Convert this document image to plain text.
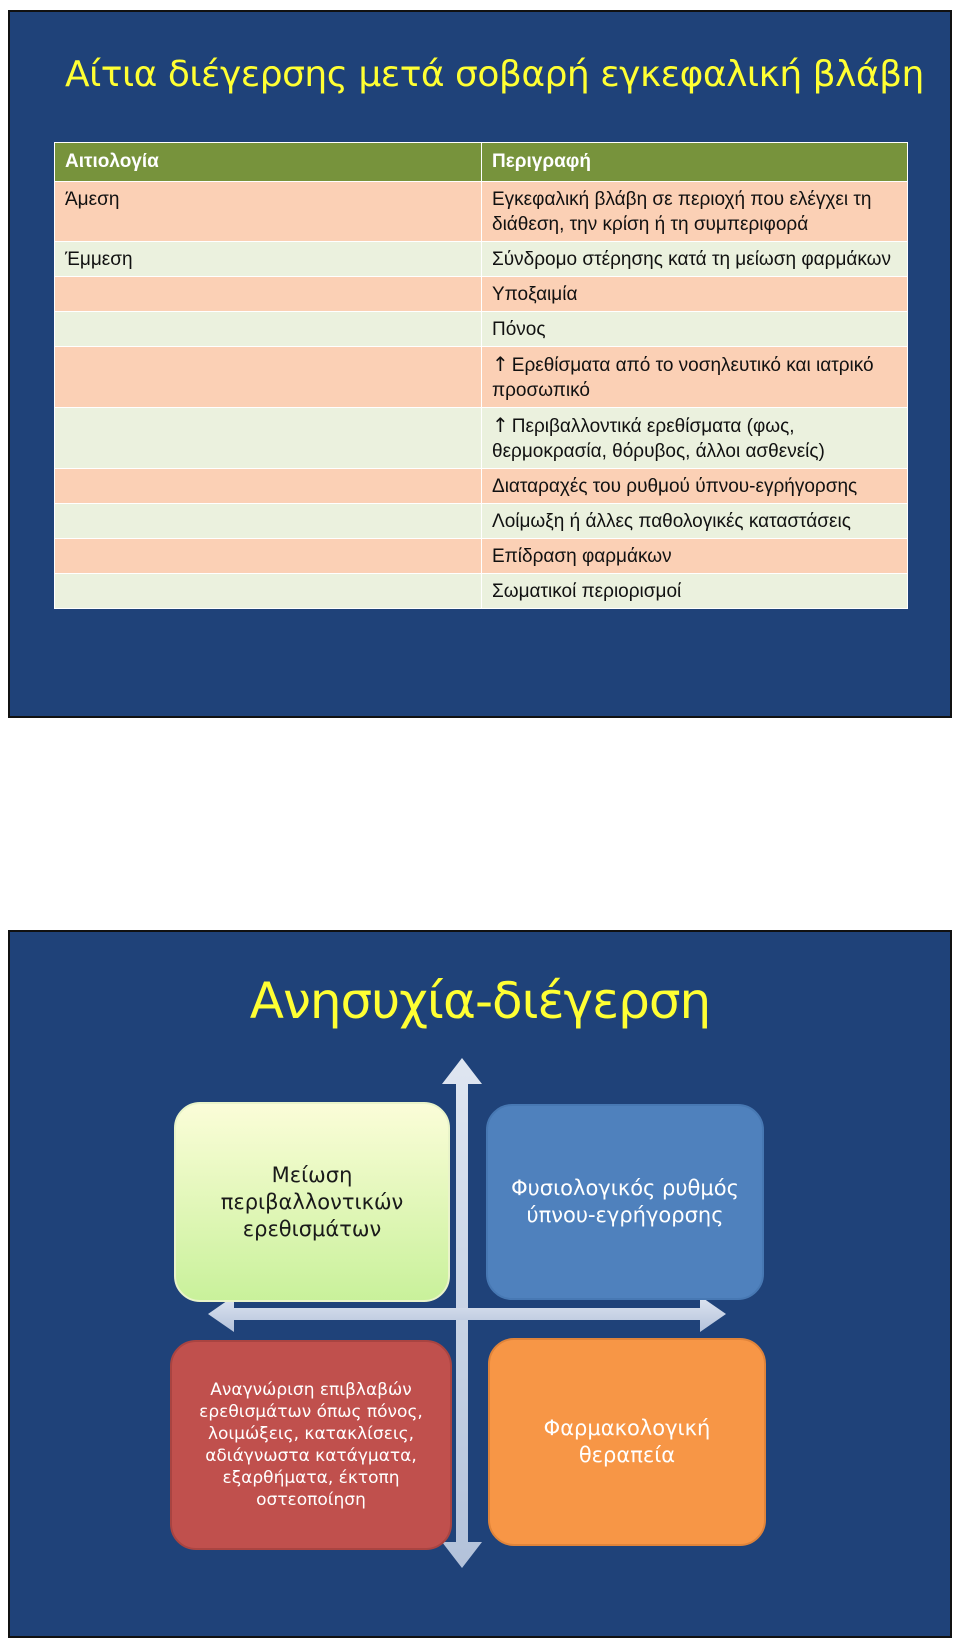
Αίτια διέγερσης μετά σοβαρή εγκεφαλική βλάβη
Αιτιολογία	Περιγραφή
Άμεση	Εγκεφαλική βλάβη σε περιοχή που ελέγχει τη διάθεση, την κρίση ή τη συμπεριφορά
Έμμεση	Σύνδρομο στέρησης κατά τη μείωση φαρμάκων
	Υποξαιμία
	Πόνος
	↑ Ερεθίσματα από το νοσηλευτικό και ιατρικό προσωπικό
	↑ Περιβαλλοντικά ερεθίσματα (φως, θερμοκρασία, θόρυβος, άλλοι ασθενείς)
	Διαταραχές του ρυθμού ύπνου-εγρήγορσης
	Λοίμωξη ή άλλες παθολογικές καταστάσεις
	Επίδραση φαρμάκων
	Σωματικοί περιορισμοί
Ανησυχία-διέγερση
Μείωση
περιβαλλοντικών
ερεθισμάτων
Φυσιολογικός ρυθμός
ύπνου-εγρήγορσης
Αναγνώριση επιβλαβών
ερεθισμάτων όπως πόνος,
λοιμώξεις, κατακλίσεις,
αδιάγνωστα κατάγματα,
εξαρθήματα, έκτοπη
οστεοποίηση
Φαρμακολογική
θεραπεία
